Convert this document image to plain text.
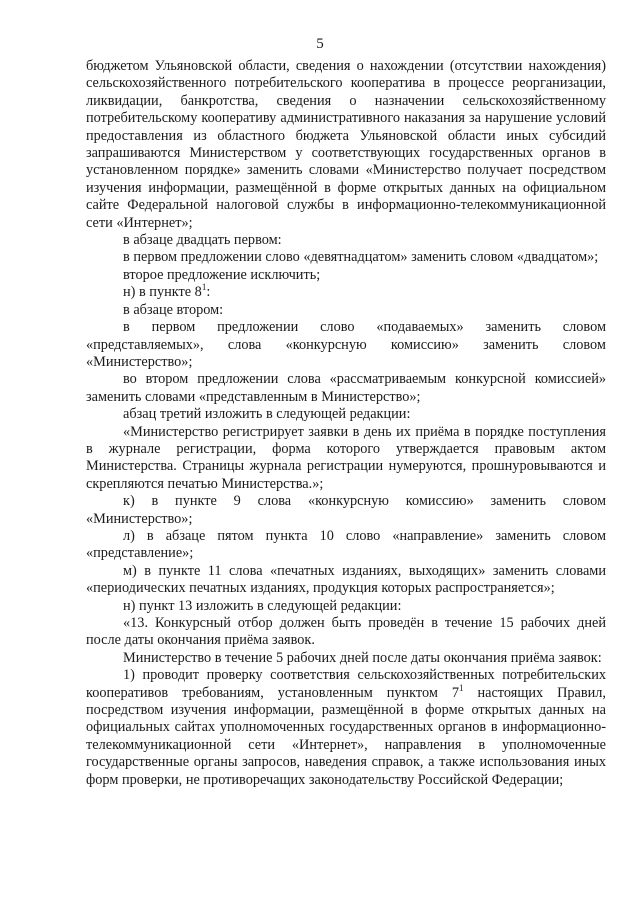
5

бюджетом Ульяновской области, сведения о нахождении (отсутствии нахождения) сельскохозяйственного потребительского кооператива в процессе реорганизации, ликвидации, банкротства, сведения о назначении сельскохозяйственному потребительскому кооперативу административного наказания за нарушение условий предоставления из областного бюджета Ульяновской области иных субсидий запрашиваются Министерством у соответствующих государственных органов в установленном порядке» заменить словами «Министерство получает посредством изучения информации, размещённой в форме открытых данных на официальном сайте Федеральной налоговой службы в информационно-телекоммуникационной сети «Интернет»;

в абзаце двадцать первом:

в первом предложении слово «девятнадцатом» заменить словом «двадцатом»;

второе предложение исключить;

н) в пункте $8^1$:

в абзаце втором:

в первом предложении слово «подаваемых» заменить словом «представляемых», слова «конкурсную комиссию» заменить словом «Министерство»;

во втором предложении слова «рассматриваемым конкурсной комиссией» заменить словами «представленным в Министерство»;

абзац третий изложить в следующей редакции:

«Министерство регистрирует заявки в день их приёма в порядке поступления в журнале регистрации, форма которого утверждается правовым актом Министерства. Страницы журнала регистрации нумеруются, прошнуровываются и скрепляются печатью Министерства.»;

к) в пункте 9 слова «конкурсную комиссию» заменить словом «Министерство»;

л) в абзаце пятом пункта 10 слово «направление» заменить словом «представление»;

м) в пункте 11 слова «печатных изданиях, выходящих» заменить словами «периодических печатных изданиях, продукция которых распространяется»;

н) пункт 13 изложить в следующей редакции:

«13. Конкурсный отбор должен быть проведён в течение 15 рабочих дней после даты окончания приёма заявок.

Министерство в течение 5 рабочих дней после даты окончания приёма заявок:

1) проводит проверку соответствия сельскохозяйственных потребительских кооперативов требованиям, установленным пунктом $7^1$ настоящих Правил, посредством изучения информации, размещённой в форме открытых данных на официальных сайтах уполномоченных государственных органов в информационно-телекоммуникационной сети «Интернет», направления в уполномоченные государственные органы запросов, наведения справок, а также использования иных форм проверки, не противоречащих законодательству Российской Федерации;
